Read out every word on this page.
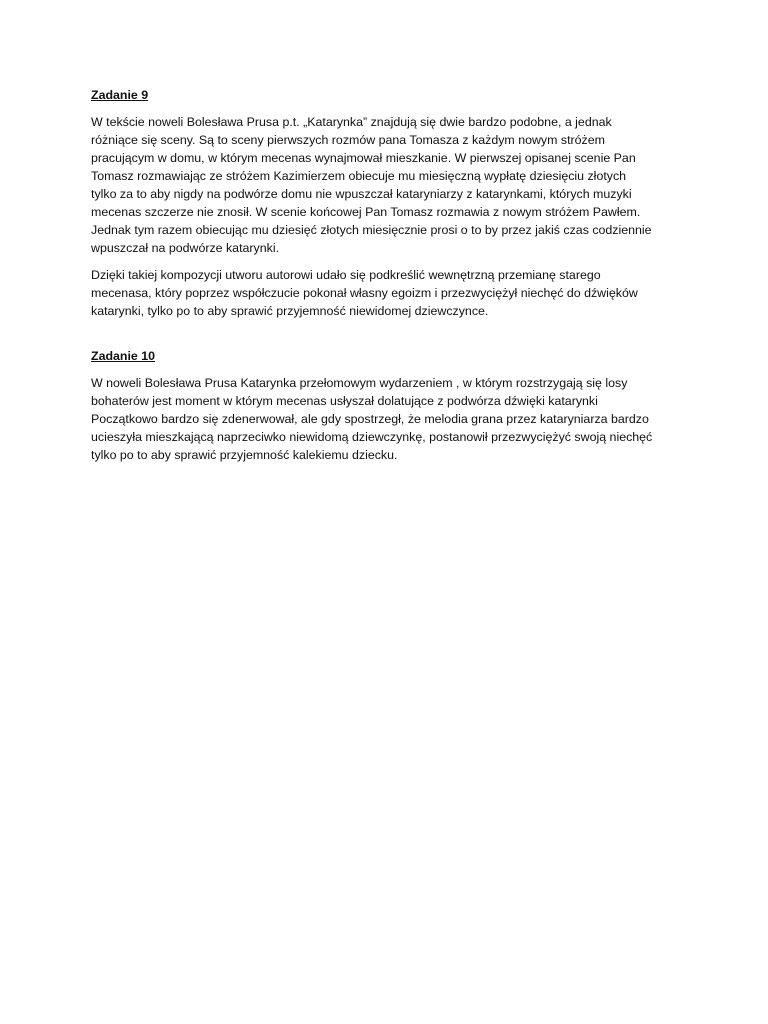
Zadanie 9
W tekście noweli Bolesława Prusa p.t. „Katarynka” znajdują się dwie bardzo podobne, a jednak
różniące się sceny. Są to sceny pierwszych rozmów pana Tomasza z każdym nowym stróżem
pracującym w domu, w którym mecenas wynajmował mieszkanie. W pierwszej opisanej scenie Pan
Tomasz rozmawiając ze stróżem Kazimierzem obiecuje mu miesięczną wypłatę dziesięciu złotych
tylko za to aby nigdy na podwórze domu nie wpuszczał kataryniarzy z katarynkami, których muzyki
mecenas szczerze nie znosił. W scenie końcowej Pan Tomasz rozmawia z nowym stróżem Pawłem.
Jednak tym razem obiecując mu dziesięć złotych miesięcznie prosi o to by przez jakiś czas codziennie
wpuszczał na podwórze katarynki.
Dzięki takiej kompozycji utworu autorowi udało się podkreślić wewnętrzną przemianę starego
mecenasa, który poprzez współczucie pokonał własny egoizm i przezwyciężył niechęć do dźwięków
katarynki, tylko po to aby sprawić przyjemność niewidomej dziewczynce.
Zadanie 10
W noweli Bolesława Prusa Katarynka przełomowym wydarzeniem , w którym rozstrzygają się losy
bohaterów jest moment w którym mecenas usłyszał dolatujące z podwórza dźwięki katarynki
Początkowo bardzo się zdenerwował, ale gdy spostrzegł, że melodia grana przez kataryniarza bardzo
ucieszyła mieszkającą naprzeciwko niewidomą dziewczynkę, postanowił przezwyciężyć swoją niechęć
tylko po to aby sprawić przyjemność kalekiemu dziecku.
